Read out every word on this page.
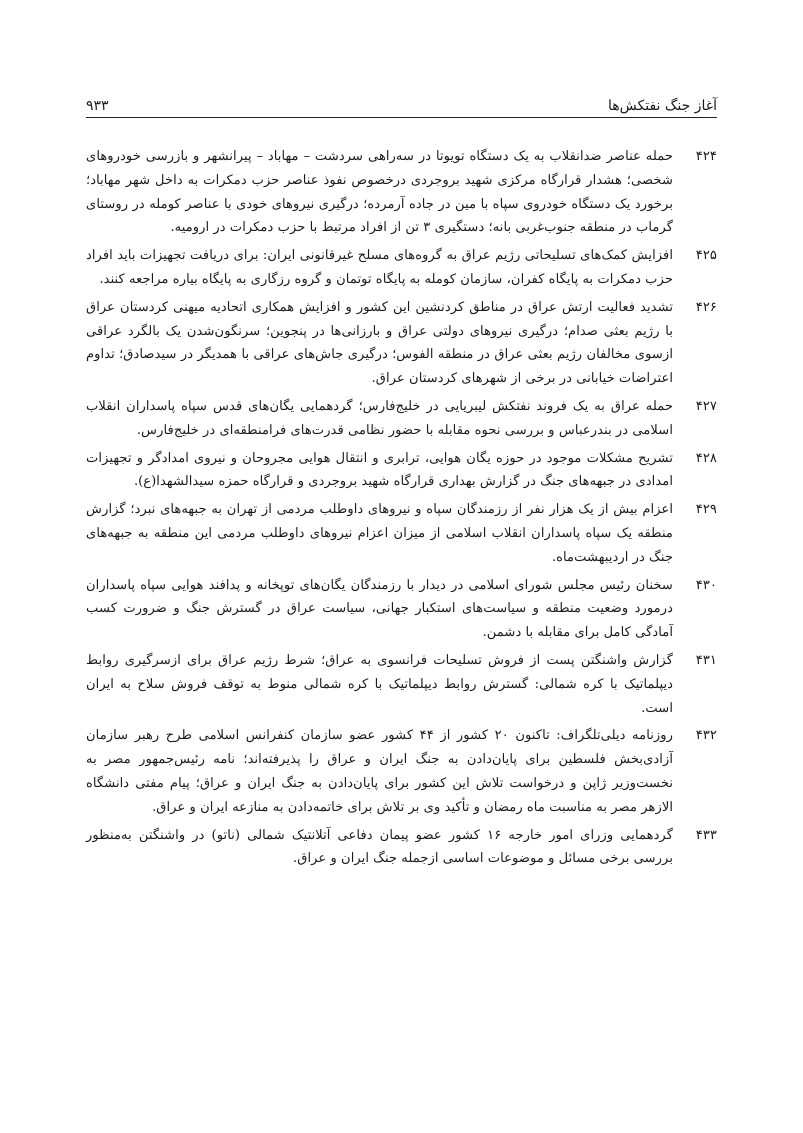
آغاز جنگ نفتکش‌ها
۹۳۳
۴۲۴
حمله عناصر ضدانقلاب به یک دستگاه تویوتا در سه‌راهی سردشت – مهاباد – پیرانشهر و بازرسی خودروهای شخصی؛ هشدار قرارگاه مرکزی شهید بروجردی درخصوص نفوذ عناصر حزب دمکرات به داخل شهر مهاباد؛ برخورد یک دستگاه خودروی سپاه با مین در جاده آرمرده؛ درگیری نیروهای خودی با عناصر کومله در روستای گرماب در منطقه جنوب‌غربی بانه؛ دستگیری ۳ تن از افراد مرتبط با حزب دمکرات در ارومیه.
۴۲۵
افزایش کمک‌های تسلیحاتی رژیم عراق به گروه‌های مسلح غیرقانونی ایران: برای دریافت تجهیزات باید افراد حزب دمکرات به پایگاه کفران، سازمان کومله به پایگاه توتمان و گروه رزگاری به پایگاه بیاره مراجعه کنند.
۴۲۶
تشدید فعالیت ارتش عراق در مناطق کردنشین این کشور و افزایش همکاری اتحادیه میهنی کردستان عراق با رژیم بعثی صدام؛ درگیری نیروهای دولتی عراق و بارزانی‌ها در پنجوین؛ سرنگون‌شدن یک بالگرد عراقی ازسوی مخالفان رژیم بعثی عراق در منطقه الفوس؛ درگیری جاش‌های عراقی با همدیگر در سیدصادق؛ تداوم اعتراضات خیابانی در برخی از شهرهای کردستان عراق.
۴۲۷
حمله عراق به یک فروند نفتکش لیبریایی در خلیج‌فارس؛ گردهمایی یگان‌های قدس سپاه پاسداران انقلاب اسلامی در بندرعباس و بررسی نحوه مقابله با حضور نظامی قدرت‌های فرامنطقه‌ای در خلیج‌فارس.
۴۲۸
تشریح مشکلات موجود در حوزه یگان هوایی، ترابری و انتقال هوایی مجروحان و نیروی امدادگر و تجهیزات امدادی در جبهه‌های جنگ در گزارش بهداری قرارگاه شهید بروجردی و قرارگاه حمزه سیدالشهدا(ع).
۴۲۹
اعزام بیش از یک هزار نفر از رزمندگان سپاه و نیروهای داوطلب مردمی از تهران به جبهه‌های نبرد؛ گزارش منطقه یک سپاه پاسداران انقلاب اسلامی از میزان اعزام نیروهای داوطلب مردمی این منطقه به جبهه‌های جنگ در اردیبهشت‌ماه.
۴۳۰
سخنان رئیس مجلس شورای اسلامی در دیدار با رزمندگان یگان‌های توپخانه و پدافند هوایی سپاه پاسداران درمورد وضعیت منطقه و سیاست‌های استکبار جهانی، سیاست عراق در گسترش جنگ و ضرورت کسب آمادگی کامل برای مقابله با دشمن.
۴۳۱
گزارش واشنگتن پست از فروش تسلیحات فرانسوی به عراق؛ شرط رژیم عراق برای ازسرگیری روابط دیپلماتیک با کره شمالی: گسترش روابط دیپلماتیک با کره شمالی منوط به توقف فروش سلاح به ایران است.
۴۳۲
روزنامه دیلی‌تلگراف: تاکنون ۲۰ کشور از ۴۴ کشور عضو سازمان کنفرانس اسلامی طرح رهبر سازمان آزادی‌بخش فلسطین برای پایان‌دادن به جنگ ایران و عراق را پذیرفته‌اند؛ نامه رئیس‌جمهور مصر به نخست‌وزیر ژاپن و درخواست تلاش این کشور برای پایان‌دادن به جنگ ایران و عراق؛ پیام مفتی دانشگاه الازهر مصر به مناسبت ماه رمضان و تأکید وی بر تلاش برای خاتمه‌دادن به منازعه ایران و عراق.
۴۳۳
گردهمایی وزرای امور خارجه ۱۶ کشور عضو پیمان دفاعی آتلانتیک شمالی (ناتو) در واشنگتن به‌منظور بررسی برخی مسائل و موضوعات اساسی ازجمله جنگ ایران و عراق.
